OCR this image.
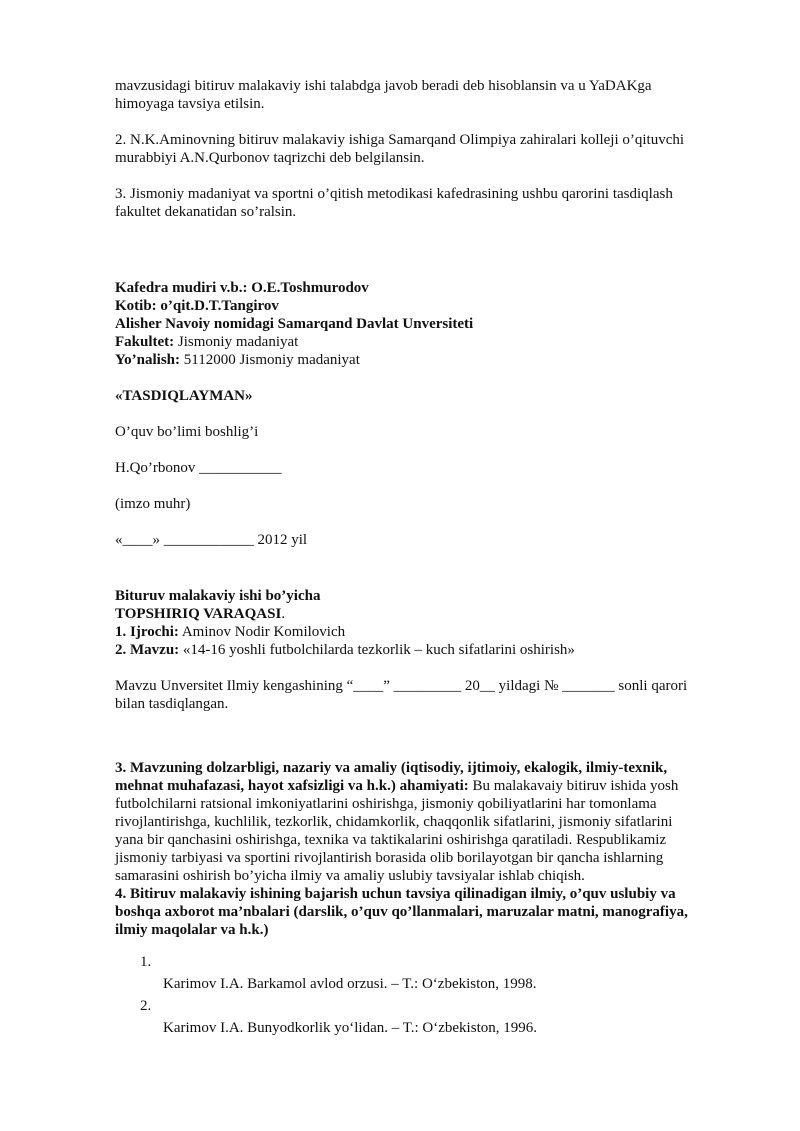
mavzusidagi bitiruv malakaviy ishi talabdga javob beradi deb hisoblansin va u YaDAKga
himoyaga tavsiya etilsin.

2. N.K.Aminovning bitiruv malakaviy ishiga Samarqand Olimpiya zahiralari kolleji o’qituvchi
murabbiyi A.N.Qurbonov taqrizchi deb belgilansin.

3. Jismoniy madaniyat va sportni o’qitish metodikasi kafedrasining ushbu qarorini tasdiqlash
fakultet dekanatidan so’ralsin.

Kafedra mudiri v.b.: O.E.Toshmurodov
Kotib: o’qit.D.T.Tangirov
Alisher Navoiy nomidagi Samarqand Davlat Unversiteti
Fakultet: Jismoniy madaniyat
Yo’nalish: 5112000 Jismoniy madaniyat

«TASDIQLAYMAN»

O’quv bo’limi boshlig’i

H.Qo’rbonov ___________

(imzo muhr)

«____» ____________ 2012 yil

Bituruv malakaviy ishi bo’yicha
TOPSHIRIQ VARAQASI.
1. Ijrochi: Aminov Nodir Komilovich
2. Mavzu: «14-16 yoshli futbolchilarda tezkorlik – kuch sifatlarini oshirish»

Mavzu Unversitet Ilmiy kengashining “____” _________ 20__ yildagi № _______ sonli qarori
bilan tasdiqlangan.

3. Mavzuning dolzarbligi, nazariy va amaliy (iqtisodiy, ijtimoiy, ekalogik, ilmiy-texnik,
mehnat muhafazasi, hayot xafsizligi va h.k.) ahamiyati: Bu malakavaiy bitiruv ishida yosh
futbolchilarni ratsional imkoniyatlarini oshirishga, jismoniy qobiliyatlarini har tomonlama
rivojlantirishga, kuchlilik, tezkorlik, chidamkorlik, chaqqonlik sifatlarini, jismoniy sifatlarini
yana bir qanchasini oshirishga, texnika va taktikalarini oshirishga qaratiladi. Respublikamiz
jismoniy tarbiyasi va sportini rivojlantirish borasida olib borilayotgan bir qancha ishlarning
samarasini oshirish bo’yicha ilmiy va amaliy uslubiy tavsiyalar ishlab chiqish.

4. Bitiruv malakaviy ishining bajarish uchun tavsiya qilinadigan ilmiy, o’quv uslubiy va
boshqa axborot ma’nbalari (darslik, o’quv qo’llanmalari, maruzalar matni, manografiya,
ilmiy maqolalar va h.k.)

1.
Karimov I.A. Barkamol avlod orzusi. – T.: O‘zbekiston, 1998.
2.
Karimov I.A. Bunyodkorlik yo‘lidan. – T.: O‘zbekiston, 1996.
